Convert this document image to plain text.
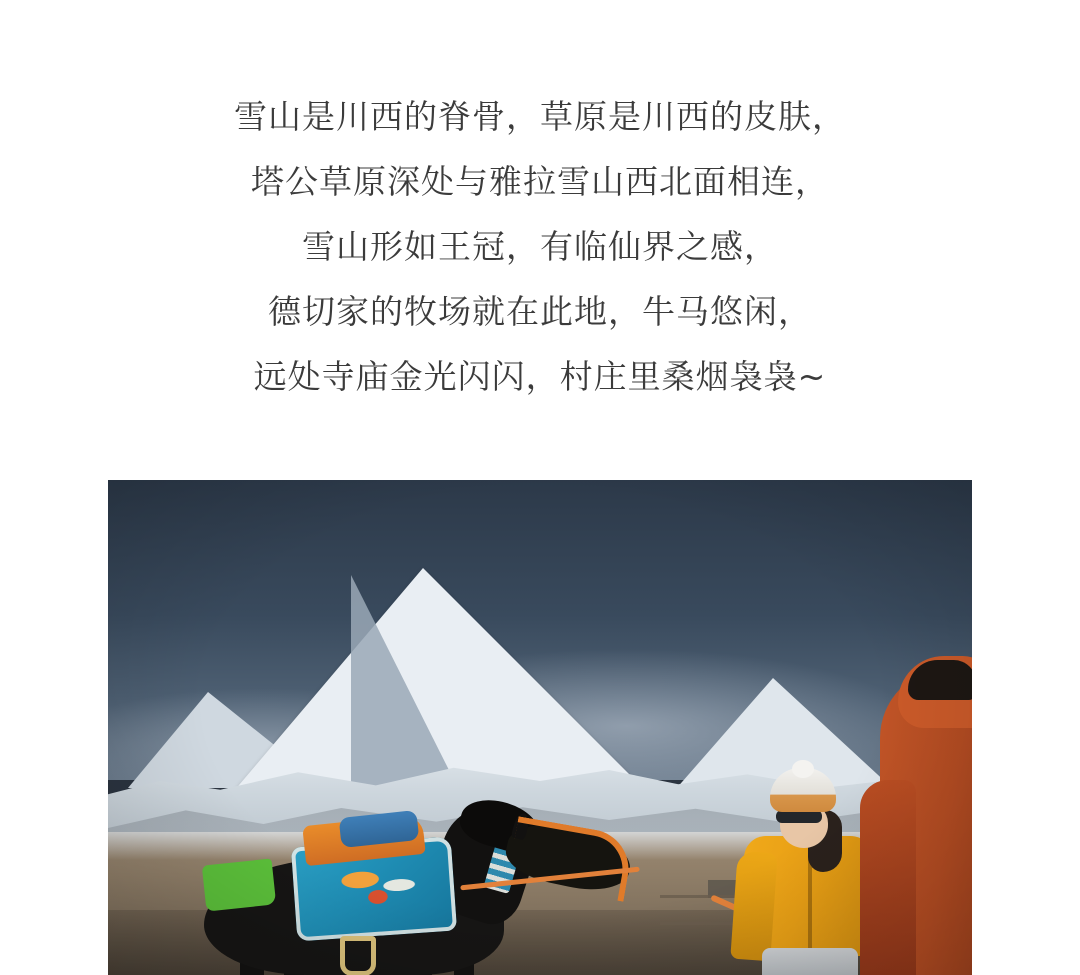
雪山是川西的脊骨，草原是川西的皮肤，
塔公草原深处与雅拉雪山西北面相连，
雪山形如王冠，有临仙界之感，
德切家的牧场就在此地，牛马悠闲，
远处寺庙金光闪闪，村庄里桑烟袅袅~
